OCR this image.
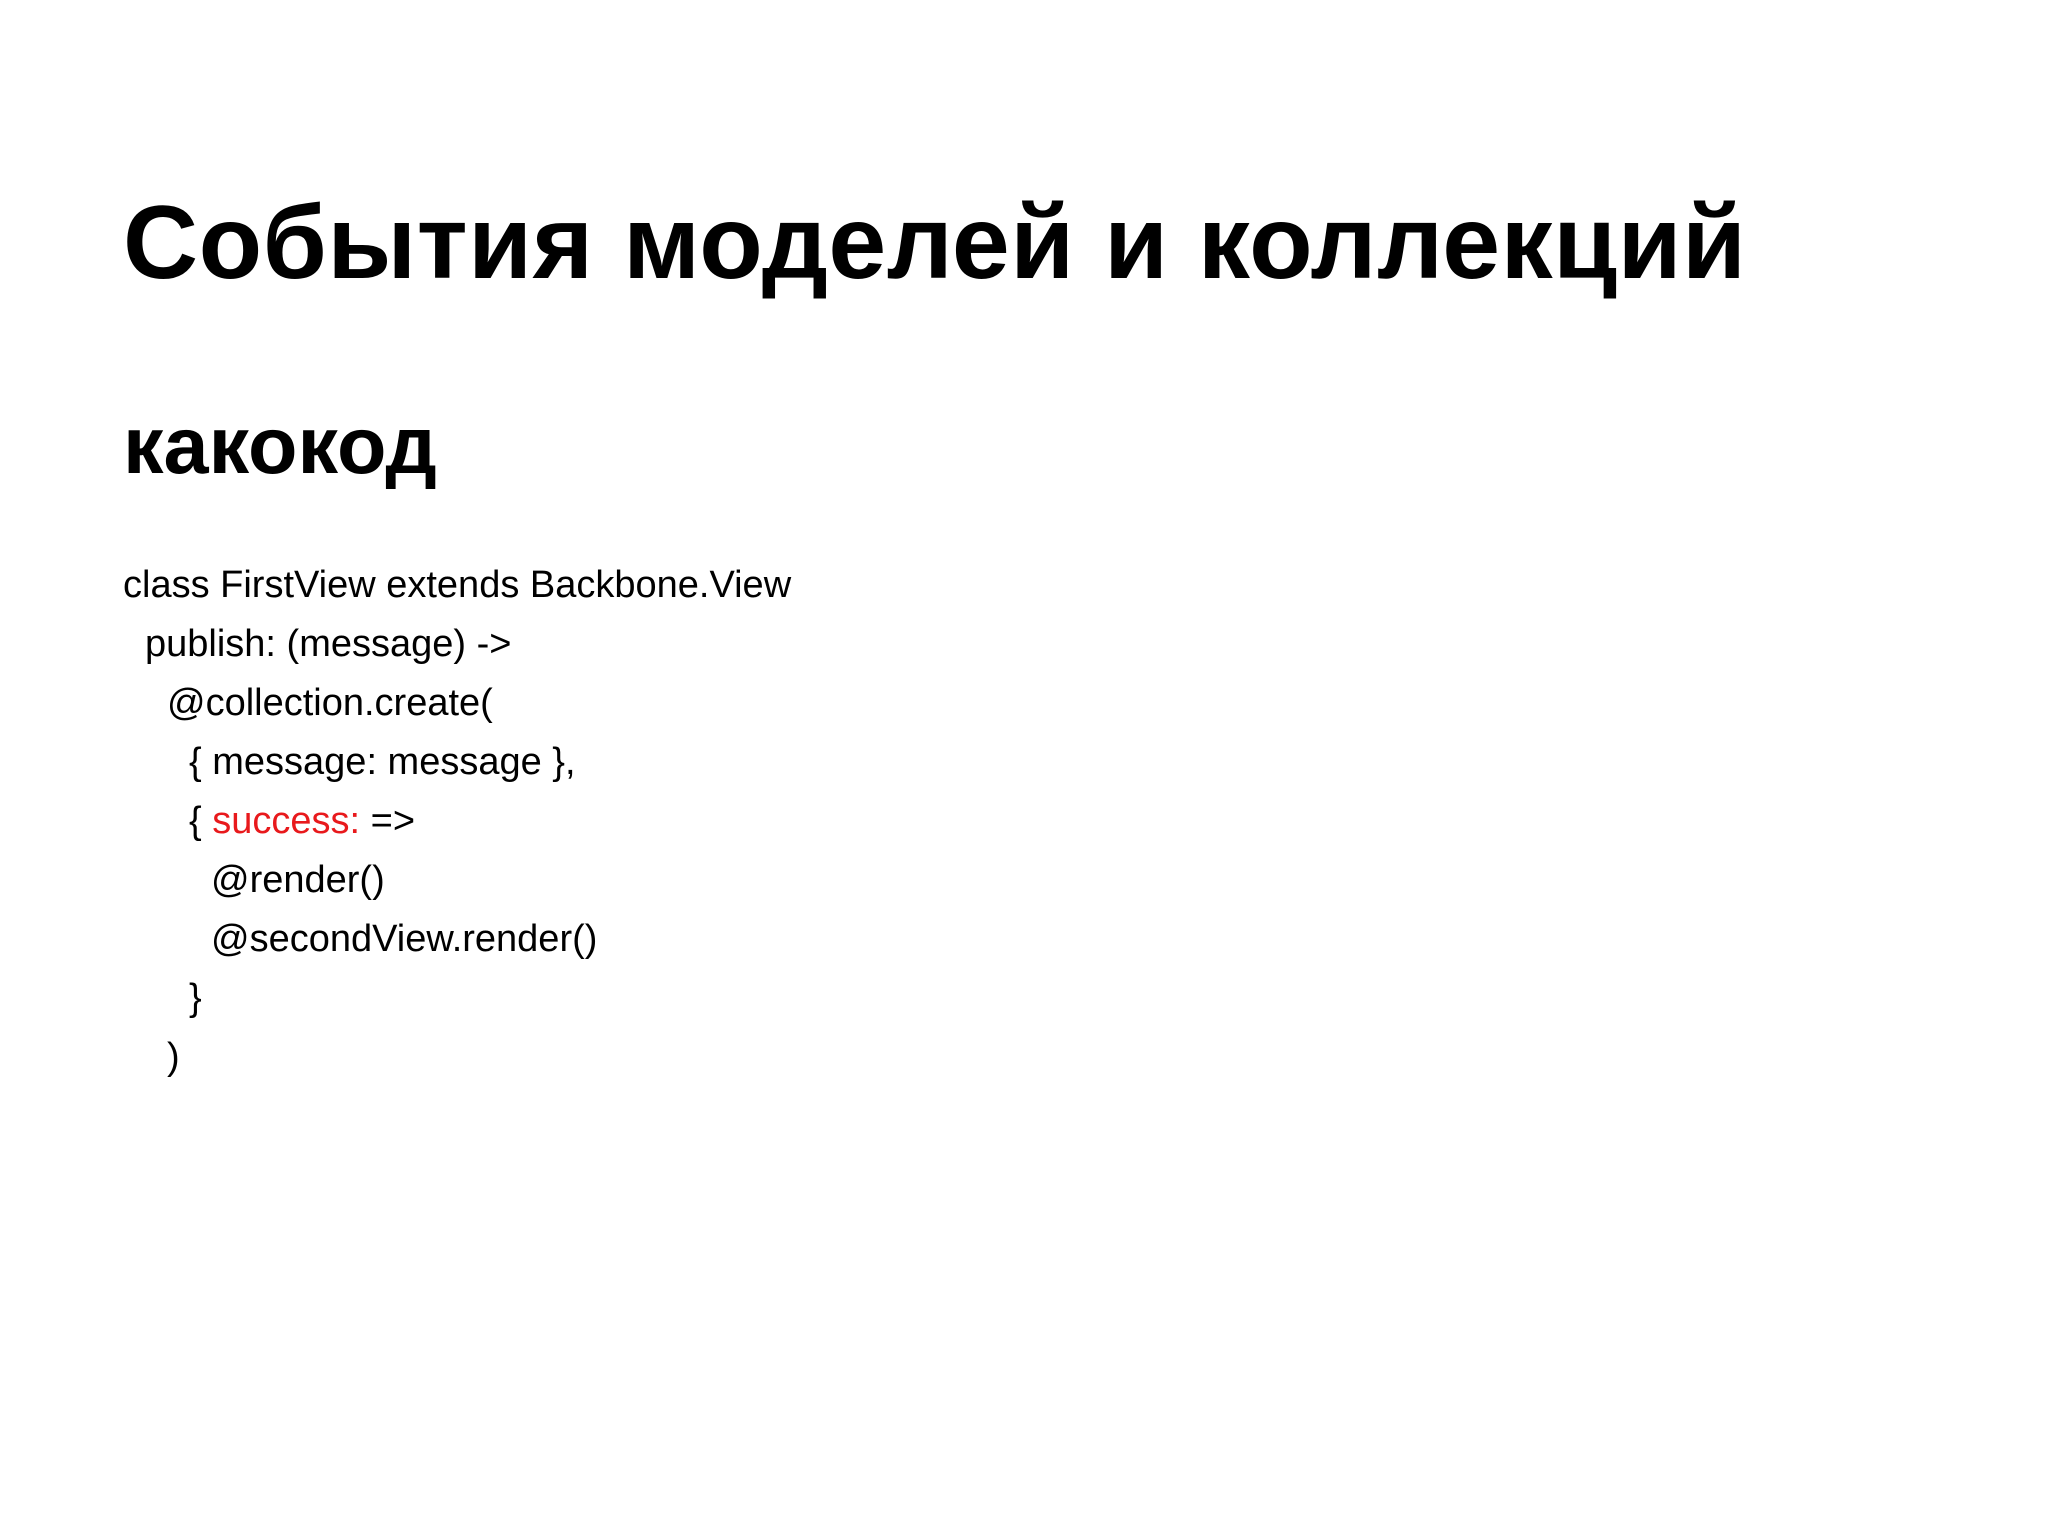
События моделей и коллекций
какокод
class FirstView extends Backbone.View
publish: (message) ->
@collection.create(
{ message: message },
{ success: =>
@render()
@secondView.render()
}
)
